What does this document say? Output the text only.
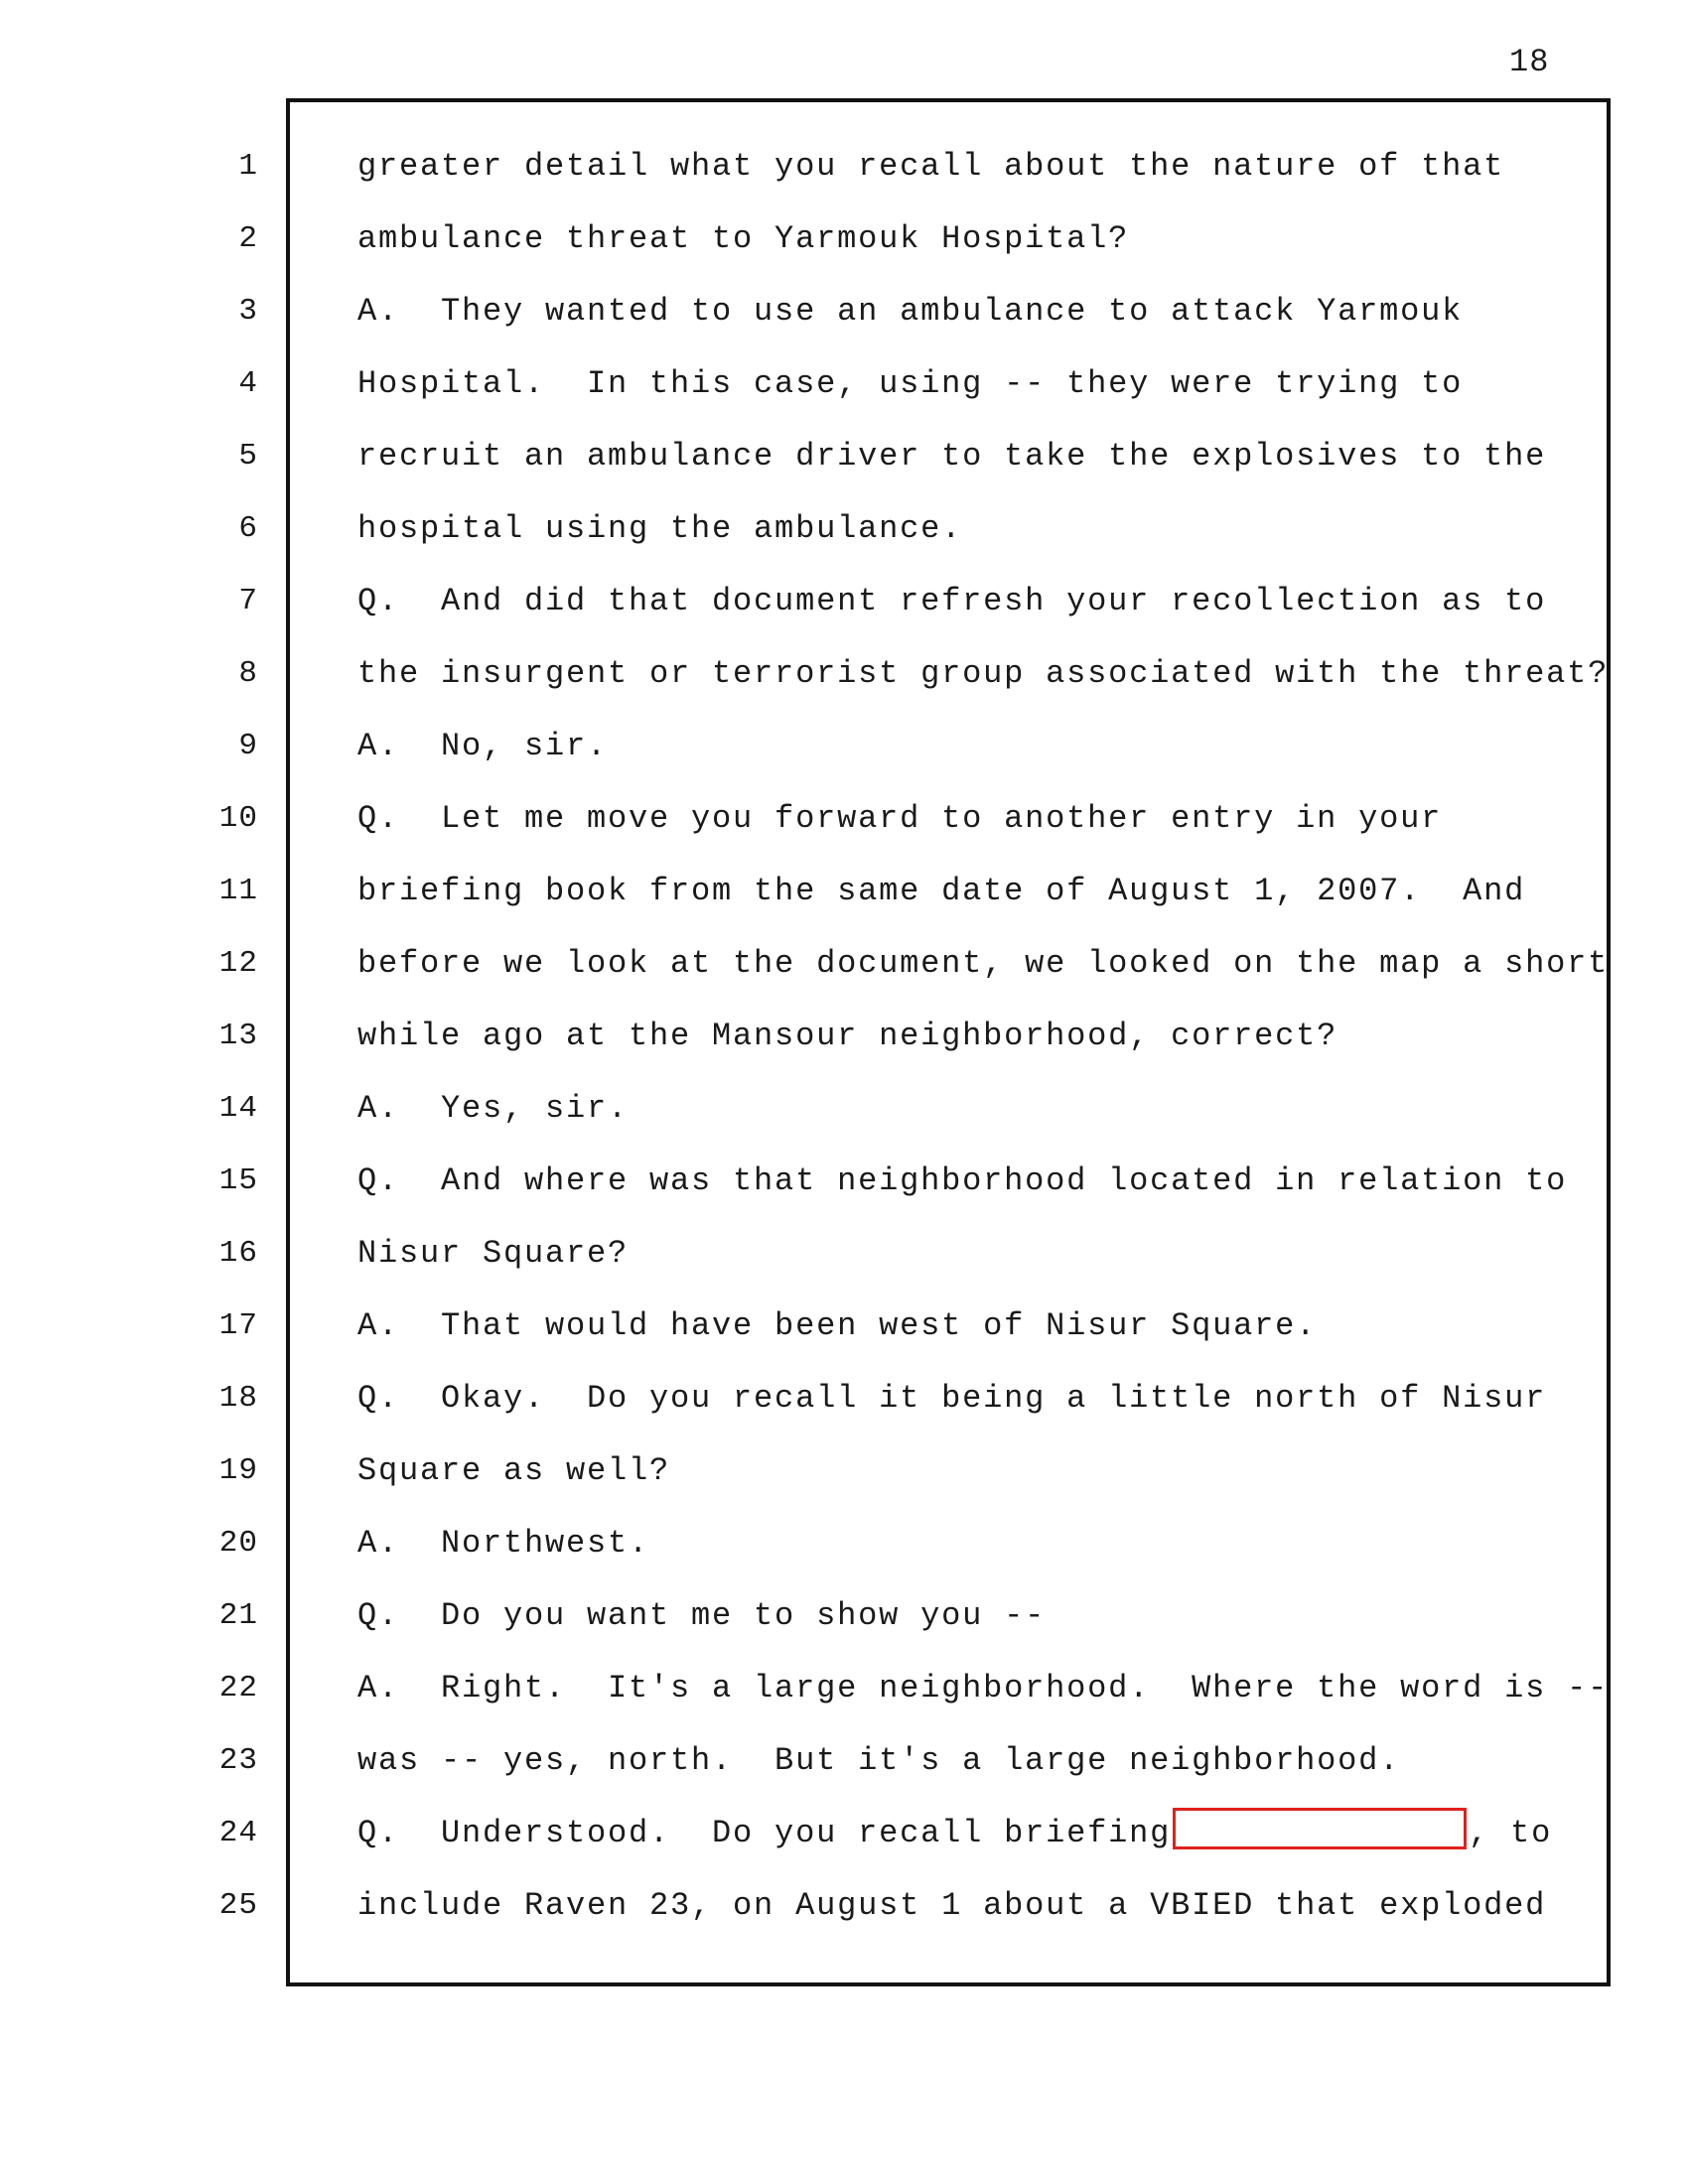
18
1	greater detail what you recall about the nature of that
2	ambulance threat to Yarmouk Hospital?
3	A.  They wanted to use an ambulance to attack Yarmouk
4	Hospital.  In this case, using -- they were trying to
5	recruit an ambulance driver to take the explosives to the
6	hospital using the ambulance.
7	Q.  And did that document refresh your recollection as to
8	the insurgent or terrorist group associated with the threat?
9	A.  No, sir.
10	Q.  Let me move you forward to another entry in your
11	briefing book from the same date of August 1, 2007.  And
12	before we look at the document, we looked on the map a short
13	while ago at the Mansour neighborhood, correct?
14	A.  Yes, sir.
15	Q.  And where was that neighborhood located in relation to
16	Nisur Square?
17	A.  That would have been west of Nisur Square.
18	Q.  Okay.  Do you recall it being a little north of Nisur
19	Square as well?
20	A.  Northwest.
21	Q.  Do you want me to show you --
22	A.  Right.  It's a large neighborhood.  Where the word is --
23	was -- yes, north.  But it's a large neighborhood.
24	Q.  Understood.  Do you recall briefing	, to
25	include Raven 23, on August 1 about a VBIED that exploded
